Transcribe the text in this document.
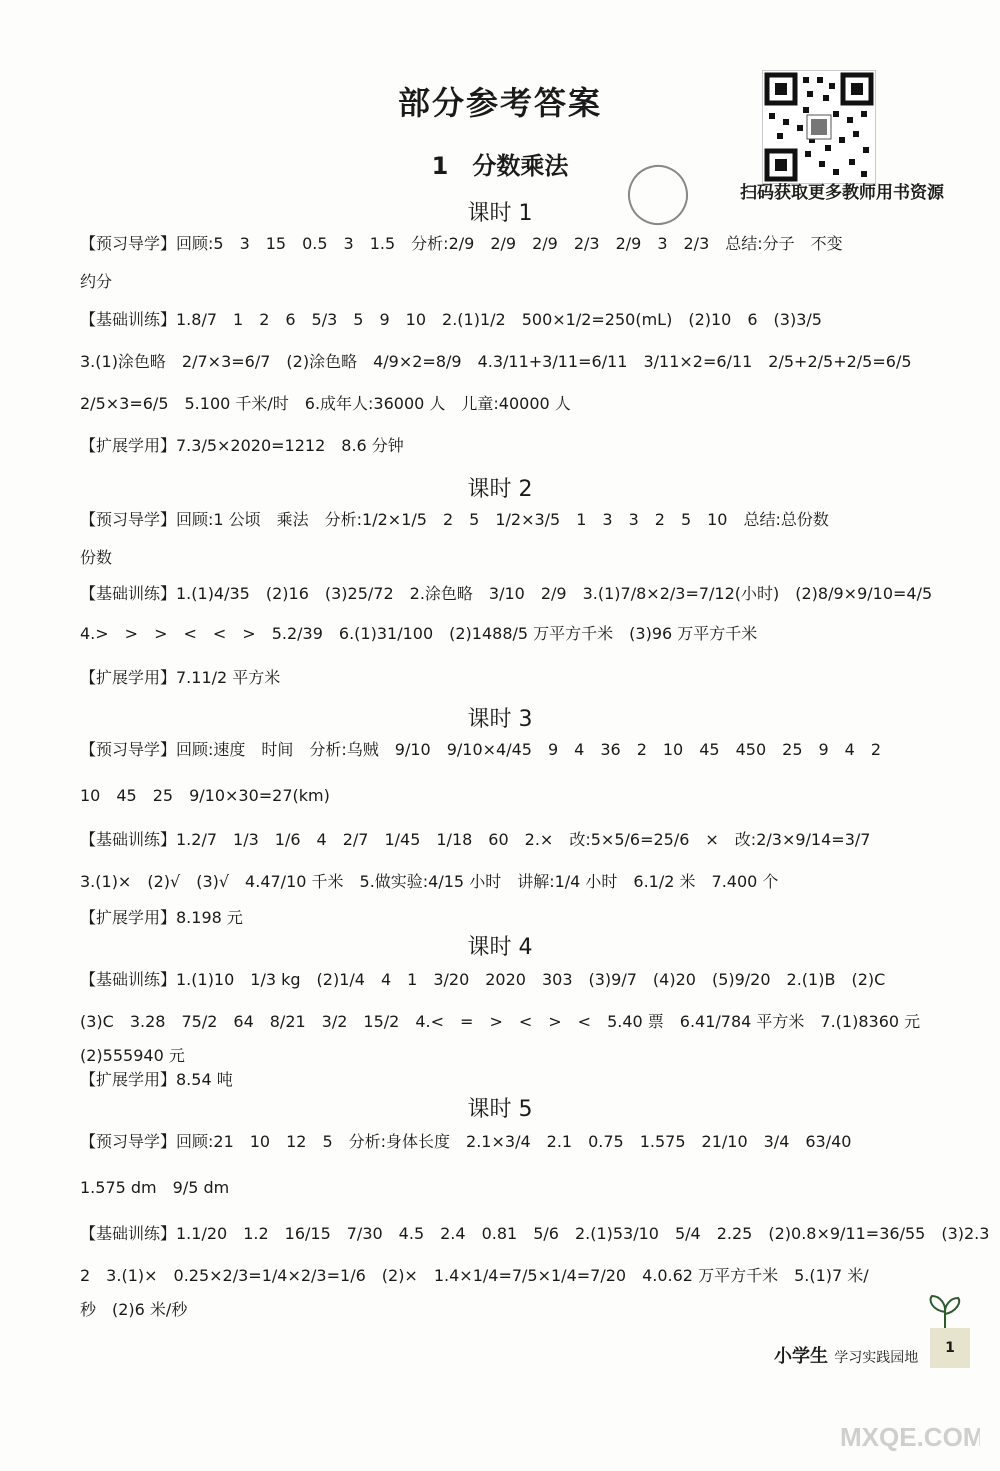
部分参考答案
1　分数乘法
扫码获取更多教师用书资源
课时 1
【预习导学】回顾:5　3　15　0.5　3　1.5　分析:2/9　2/9　2/9　2/3　2/9　3　2/3　总结:分子　不变
约分
【基础训练】1.8/7　1　2　6　5/3　5　9　10　2.(1)1/2　500×1/2=250(mL)　(2)10　6　(3)3/5
3.(1)涂色略　2/7×3=6/7　(2)涂色略　4/9×2=8/9　4.3/11+3/11=6/11　3/11×2=6/11　2/5+2/5+2/5=6/5
2/5×3=6/5　5.100 千米/时　6.成年人:36000 人　儿童:40000 人
【扩展学用】7.3/5×2020=1212　8.6 分钟
课时 2
【预习导学】回顾:1 公顷　乘法　分析:1/2×1/5　2　5　1/2×3/5　1　3　3　2　5　10　总结:总份数
份数
【基础训练】1.(1)4/35　(2)16　(3)25/72　2.涂色略　3/10　2/9　3.(1)7/8×2/3=7/12(小时)　(2)8/9×9/10=4/5
4.>　>　>　<　<　>　5.2/39　6.(1)31/100　(2)1488/5 万平方千米　(3)96 万平方千米
【扩展学用】7.11/2 平方米
课时 3
【预习导学】回顾:速度　时间　分析:乌贼　9/10　9/10×4/45　9　4　36　2　10　45　450　25　9　4　2
10　45　25　9/10×30=27(km)
【基础训练】1.2/7　1/3　1/6　4　2/7　1/45　1/18　60　2.×　改:5×5/6=25/6　×　改:2/3×9/14=3/7
3.(1)×　(2)√　(3)√　4.47/10 千米　5.做实验:4/15 小时　讲解:1/4 小时　6.1/2 米　7.400 个
【扩展学用】8.198 元
课时 4
【基础训练】1.(1)10　1/3 kg　(2)1/4　4　1　3/20　2020　303　(3)9/7　(4)20　(5)9/20　2.(1)B　(2)C
(3)C　3.28　75/2　64　8/21　3/2　15/2　4.<　=　>　<　>　<　5.40 票　6.41/784 平方米　7.(1)8360 元
(2)555940 元
【扩展学用】8.54 吨
课时 5
【预习导学】回顾:21　10　12　5　分析:身体长度　2.1×3/4　2.1　0.75　1.575　21/10　3/4　63/40
1.575 dm　9/5 dm
【基础训练】1.1/20　1.2　16/15　7/30　4.5　2.4　0.81　5/6　2.(1)53/10　5/4　2.25　(2)0.8×9/11=36/55　(3)2.3
2　3.(1)×　0.25×2/3=1/4×2/3=1/6　(2)×　1.4×1/4=7/5×1/4=7/20　4.0.62 万平方千米　5.(1)7 米/
秒　(2)6 米/秒
小学生 学习实践园地
1
MXQE.COM
